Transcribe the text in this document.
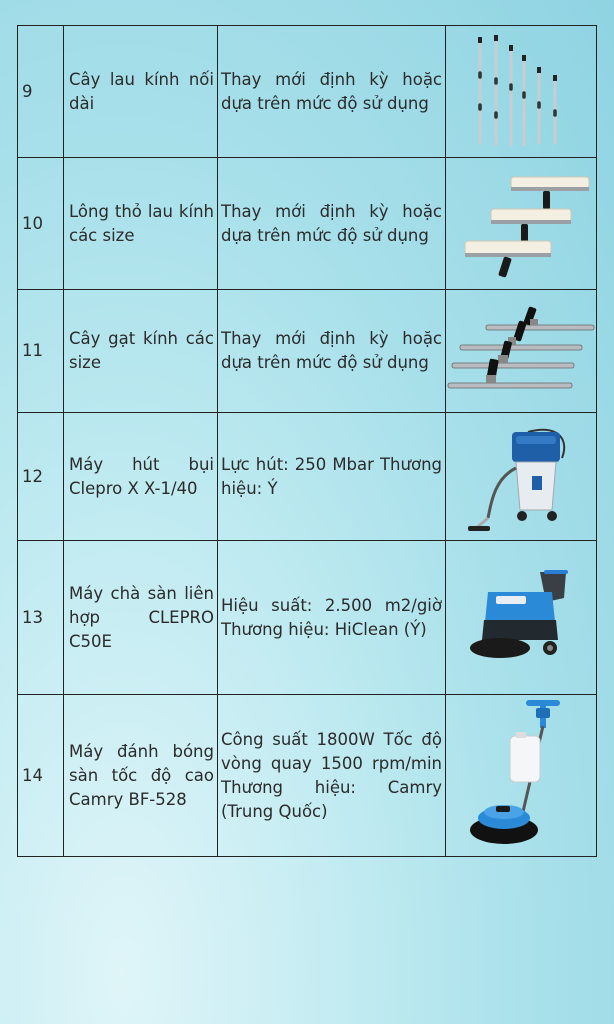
9	Cây lau kính nối dài	Thay mới định kỳ hoặc dựa trên mức độ sử dụng	

10	Lông thỏ lau kính các size	Thay mới định kỳ hoặc dựa trên mức độ sử dụng	

11	Cây gạt kính các size	Thay mới định kỳ hoặc dựa trên mức độ sử dụng	

12	Máy hút bụi Clepro X X-1/40	Lực hút: 250 Mbar Thương hiệu: Ý	

13	Máy chà sàn liên hợp CLEPRO C50E	Hiệu suất: 2.500 m2/giờ Thương hiệu: HiClean (Ý)	

14	Máy đánh bóng sàn tốc độ cao Camry BF-528	Công suất 1800W Tốc độ vòng quay 1500 rpm/min Thương hiệu: Camry (Trung Quốc)	
